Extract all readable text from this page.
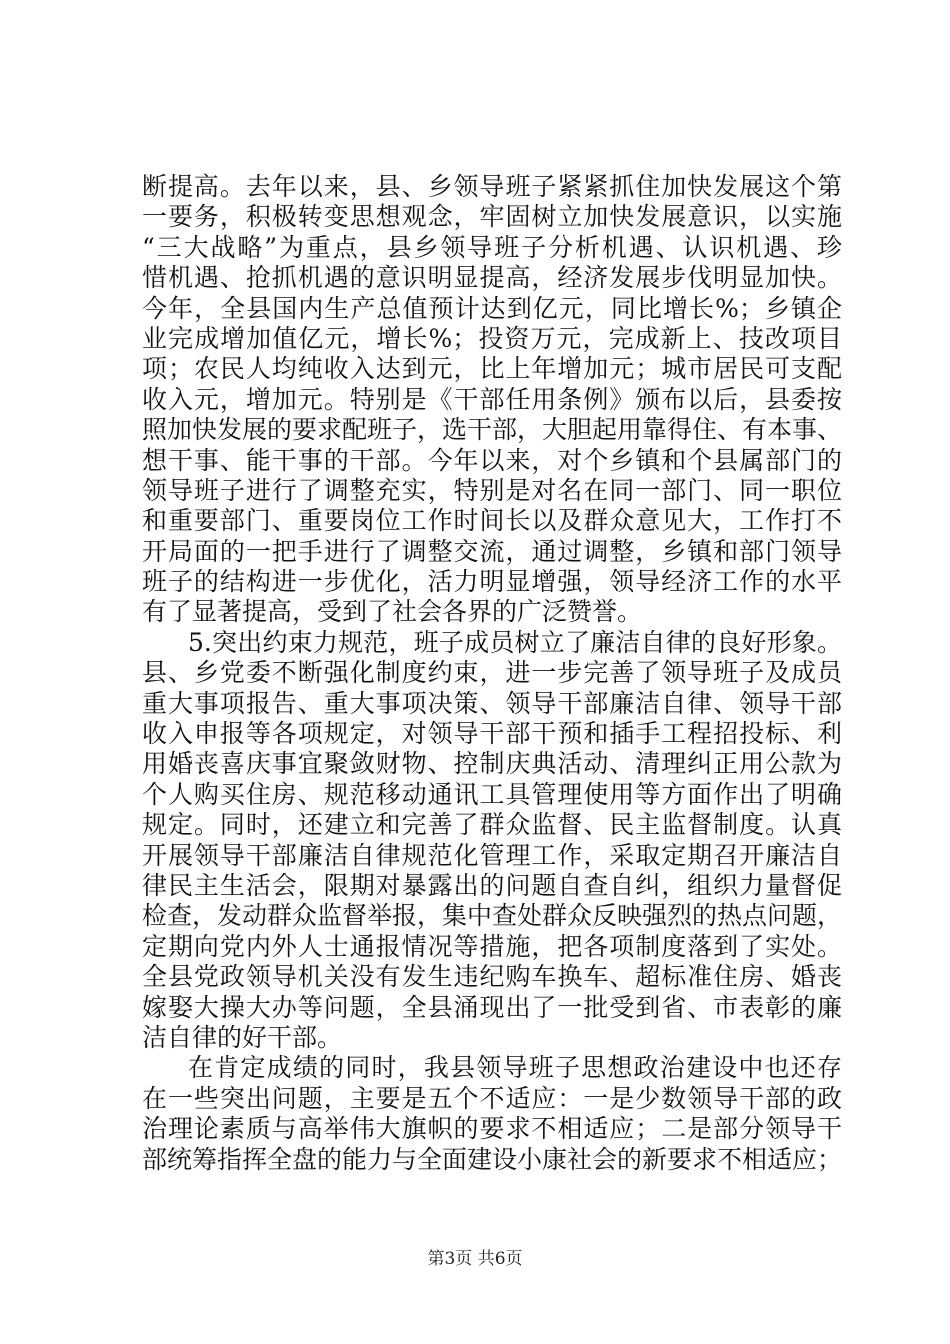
断提高。去年以来，县、乡领导班子紧紧抓住加快发展这个第
一要务，积极转变思想观念，牢固树立加快发展意识，以实施
“三大战略”为重点，县乡领导班子分析机遇、认识机遇、珍
惜机遇、抢抓机遇的意识明显提高，经济发展步伐明显加快。
今年，全县国内生产总值预计达到亿元，同比增长%；乡镇企
业完成增加值亿元，增长%；投资万元，完成新上、技改项目
项；农民人均纯收入达到元，比上年增加元；城市居民可支配
收入元，增加元。特别是《干部任用条例》颁布以后，县委按
照加快发展的要求配班子，选干部，大胆起用靠得住、有本事、
想干事、能干事的干部。今年以来，对个乡镇和个县属部门的
领导班子进行了调整充实，特别是对名在同一部门、同一职位
和重要部门、重要岗位工作时间长以及群众意见大，工作打不
开局面的一把手进行了调整交流，通过调整，乡镇和部门领导
班子的结构进一步优化，活力明显增强，领导经济工作的水平
有了显著提高，受到了社会各界的广泛赞誉。
5.突出约束力规范，班子成员树立了廉洁自律的良好形象。
县、乡党委不断强化制度约束，进一步完善了领导班子及成员
重大事项报告、重大事项决策、领导干部廉洁自律、领导干部
收入申报等各项规定，对领导干部干预和插手工程招投标、利
用婚丧喜庆事宜聚敛财物、控制庆典活动、清理纠正用公款为
个人购买住房、规范移动通讯工具管理使用等方面作出了明确
规定。同时，还建立和完善了群众监督、民主监督制度。认真
开展领导干部廉洁自律规范化管理工作，采取定期召开廉洁自
律民主生活会，限期对暴露出的问题自查自纠，组织力量督促
检查，发动群众监督举报，集中查处群众反映强烈的热点问题，
定期向党内外人士通报情况等措施，把各项制度落到了实处。
全县党政领导机关没有发生违纪购车换车、超标准住房、婚丧
嫁娶大操大办等问题，全县涌现出了一批受到省、市表彰的廉
洁自律的好干部。
在肯定成绩的同时，我县领导班子思想政治建设中也还存
在一些突出问题，主要是五个不适应：一是少数领导干部的政
治理论素质与高举伟大旗帜的要求不相适应；二是部分领导干
部统筹指挥全盘的能力与全面建设小康社会的新要求不相适应；
第3页 共6页
